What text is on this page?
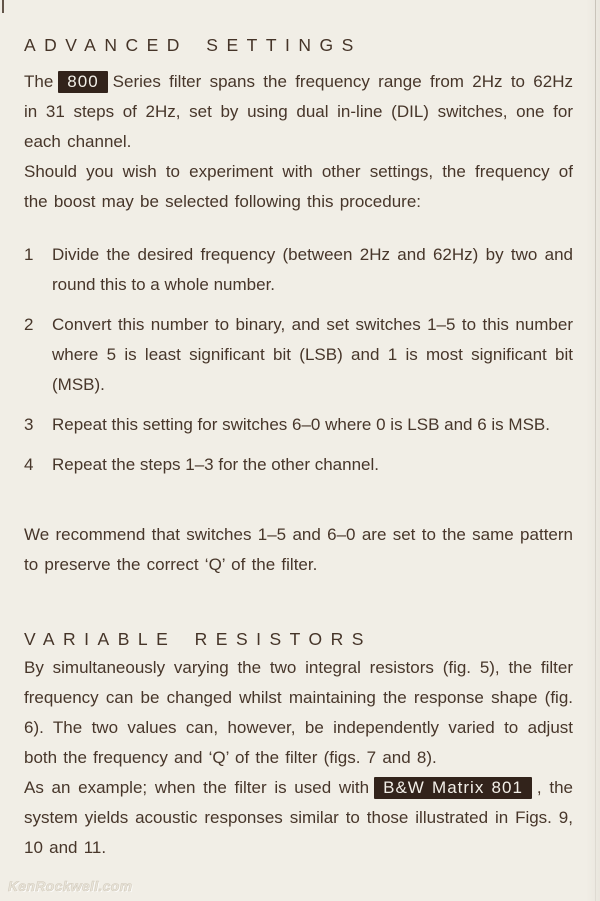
ADVANCED SETTINGS

The 800 Series filter spans the frequency range from 2Hz to 62Hz in 31 steps of 2Hz, set by using dual in-line (DIL) switches, one for each channel.

Should you wish to experiment with other settings, the frequency of the boost may be selected following this procedure:

1	Divide the desired frequency (between 2Hz and 62Hz) by two and round this to a whole number.
2	Convert this number to binary, and set switches 1–5 to this number where 5 is least significant bit (LSB) and 1 is most significant bit (MSB).
3	Repeat this setting for switches 6–0 where 0 is LSB and 6 is MSB.
4	Repeat the steps 1–3 for the other channel.

We recommend that switches 1–5 and 6–0 are set to the same pattern to preserve the correct ‘Q’ of the filter.

VARIABLE RESISTORS

By simultaneously varying the two integral resistors (fig. 5), the filter frequency can be changed whilst maintaining the response shape (fig. 6). The two values can, however, be independently varied to adjust both the frequency and ‘Q’ of the filter (figs. 7 and 8).

As an example; when the filter is used with B&W Matrix 801 , the system yields acoustic responses similar to those illustrated in Figs. 9, 10 and 11.

KenRockwell.com
